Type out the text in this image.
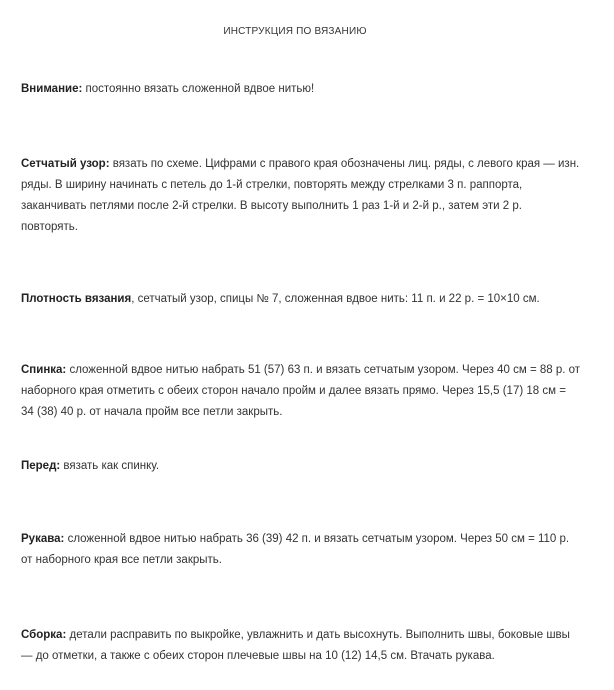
ИНСТРУКЦИЯ ПО ВЯЗАНИЮ
Внимание: постоянно вязать сложенной вдвое нитью!
Сетчатый узор: вязать по схеме. Цифрами с правого края обозначены лиц. ряды, с левого края — изн. ряды. В ширину начинать с петель до 1-й стрелки, повторять между стрелками 3 п. раппорта, заканчивать петлями после 2-й стрелки. В высоту выполнить 1 раз 1-й и 2-й р., затем эти 2 р. повторять.
Плотность вязания, сетчатый узор, спицы № 7, сложенная вдвое нить: 11 п. и 22 р. = 10×10 см.
Спинка: сложенной вдвое нитью набрать 51 (57) 63 п. и вязать сетчатым узором. Через 40 см = 88 р. от наборного края отметить с обеих сторон начало пройм и далее вязать прямо. Через 15,5 (17) 18 см = 34 (38) 40 р. от начала пройм все петли закрыть.
Перед: вязать как спинку.
Рукава: сложенной вдвое нитью набрать 36 (39) 42 п. и вязать сетчатым узором. Через 50 см = 110 р. от наборного края все петли закрыть.
Сборка: детали расправить по выкройке, увлажнить и дать высохнуть. Выполнить швы, боковые швы — до отметки, а также с обеих сторон плечевые швы на 10 (12) 14,5 см. Втачать рукава.
